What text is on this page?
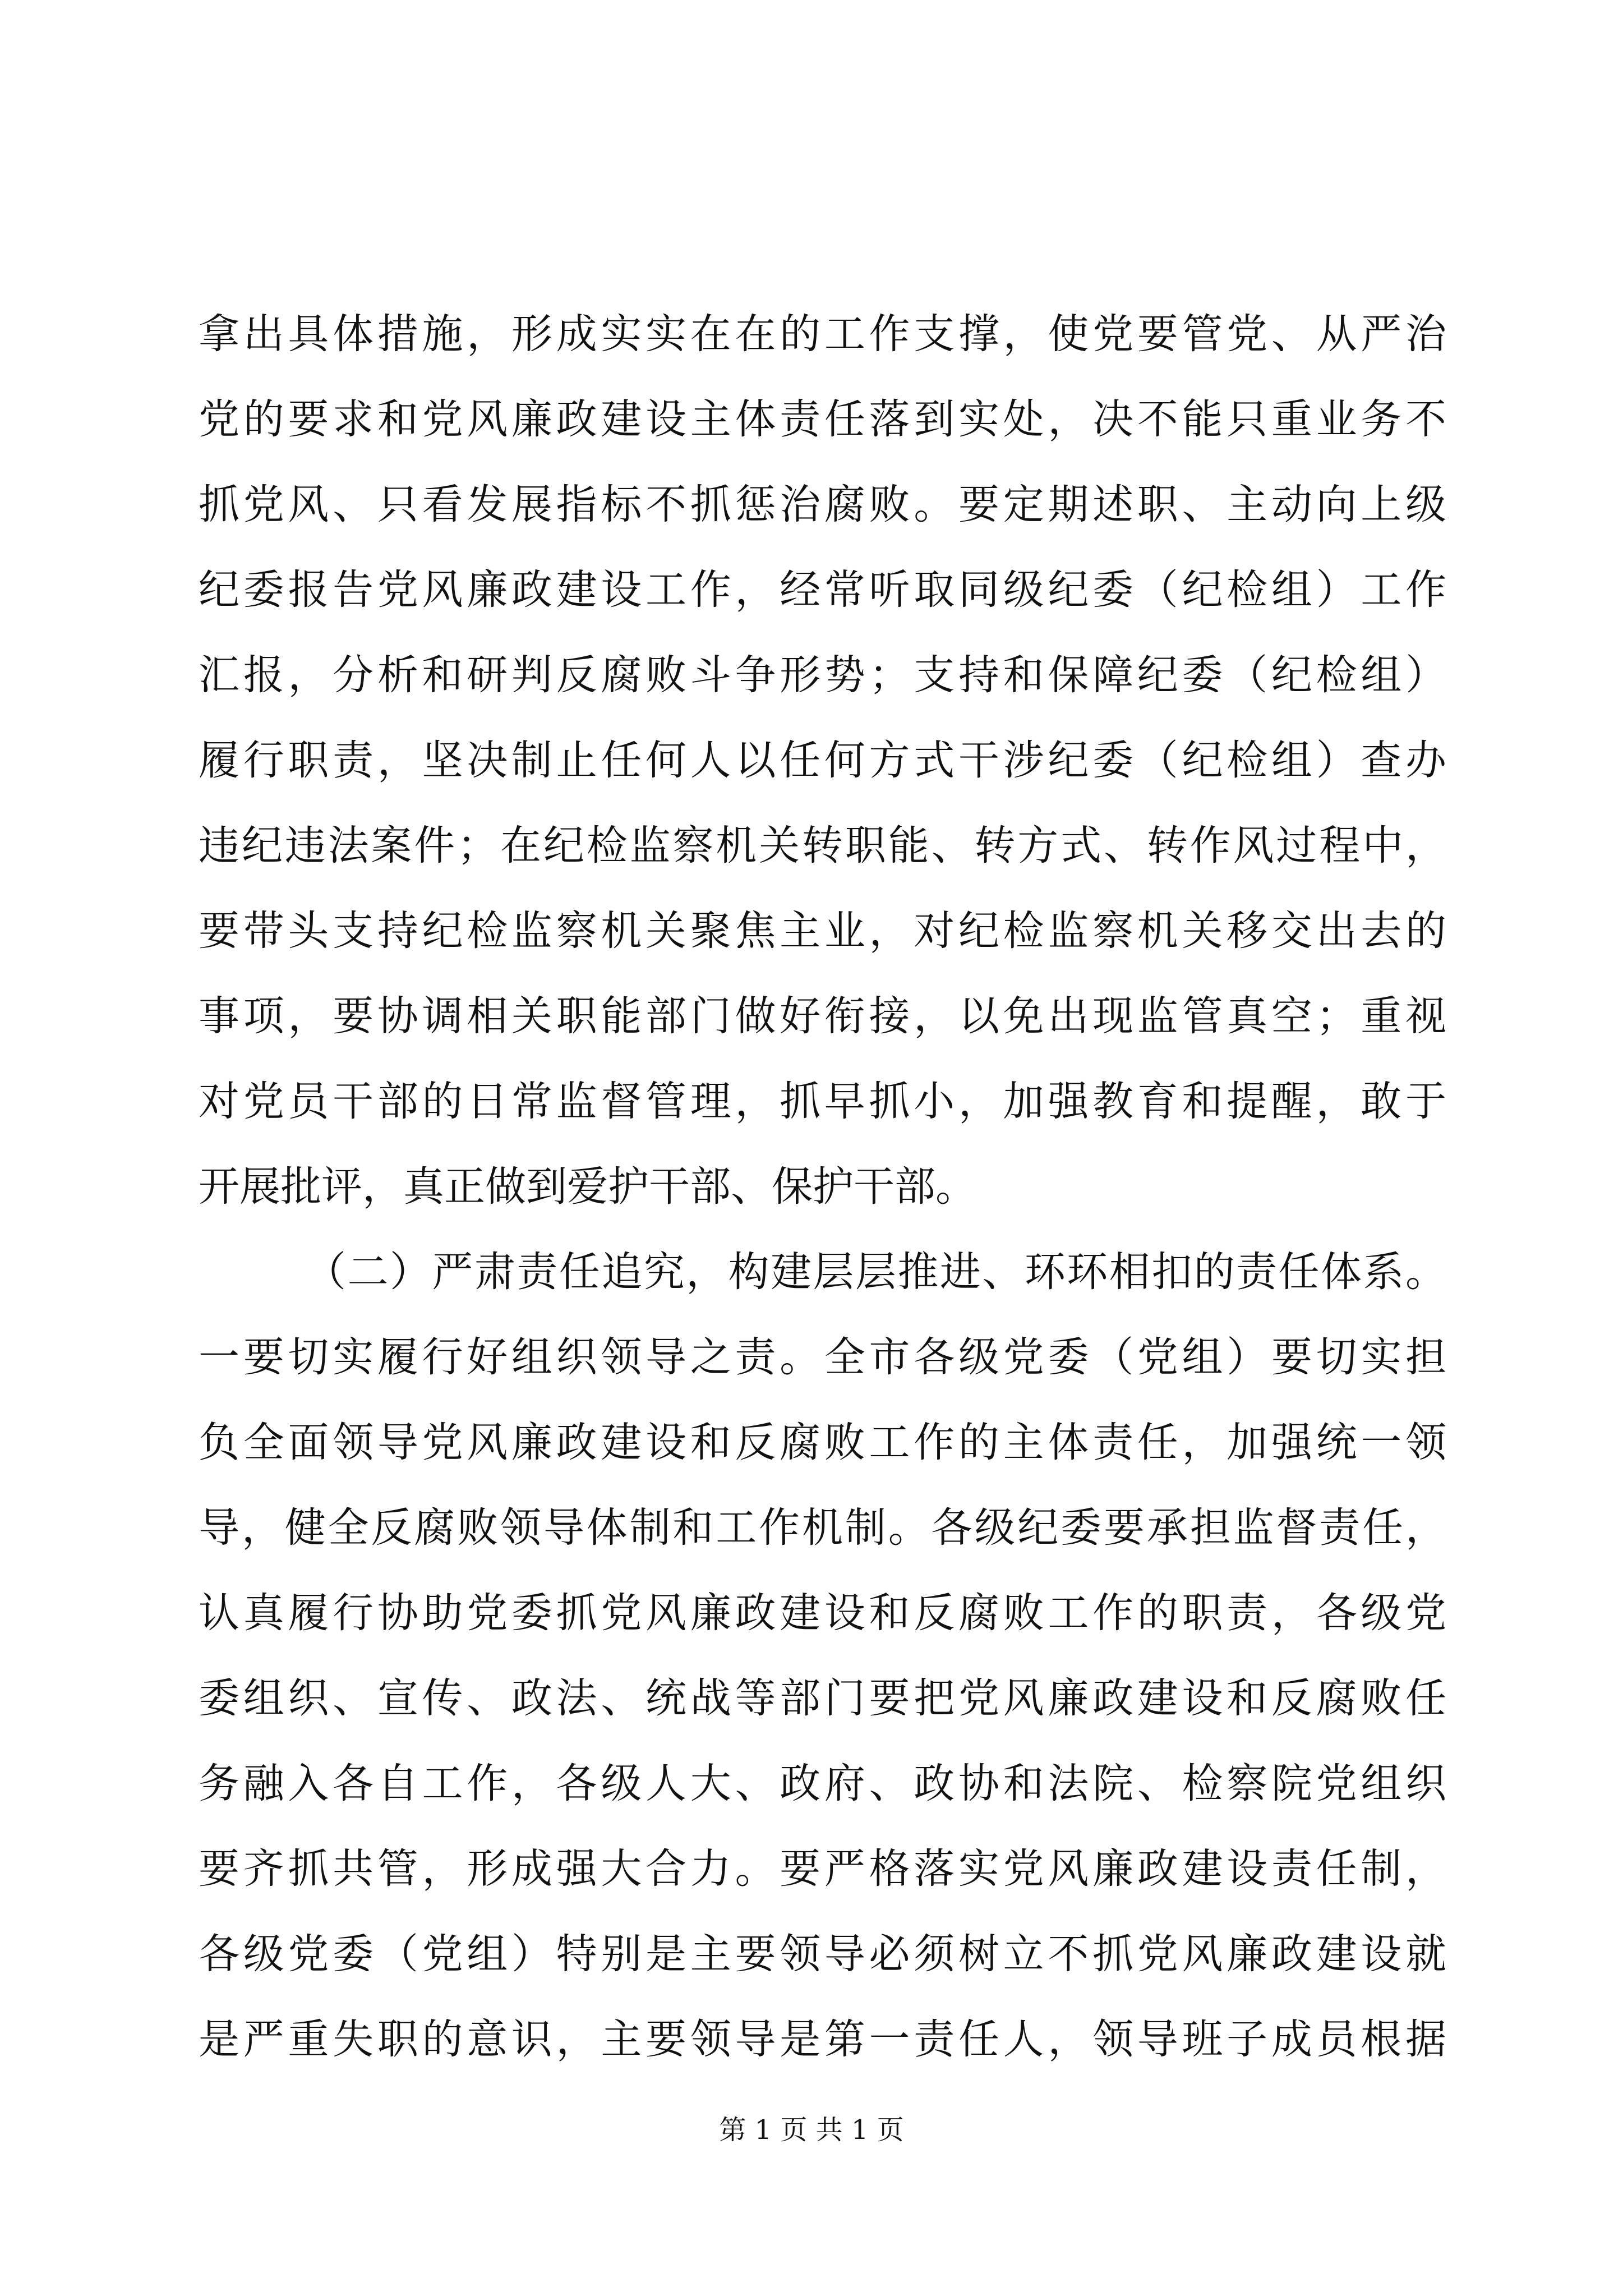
拿出具体措施，形成实实在在的工作支撑，使党要管党、从严治
党的要求和党风廉政建设主体责任落到实处，决不能只重业务不
抓党风、只看发展指标不抓惩治腐败。要定期述职、主动向上级
纪委报告党风廉政建设工作，经常听取同级纪委（纪检组）工作
汇报，分析和研判反腐败斗争形势；支持和保障纪委（纪检组）
履行职责，坚决制止任何人以任何方式干涉纪委（纪检组）查办
违纪违法案件；在纪检监察机关转职能、转方式、转作风过程中，
要带头支持纪检监察机关聚焦主业，对纪检监察机关移交出去的
事项，要协调相关职能部门做好衔接，以免出现监管真空；重视
对党员干部的日常监督管理，抓早抓小，加强教育和提醒，敢于
开展批评，真正做到爱护干部、保护干部。
（二）严肃责任追究，构建层层推进、环环相扣的责任体系。
一要切实履行好组织领导之责。全市各级党委（党组）要切实担
负全面领导党风廉政建设和反腐败工作的主体责任，加强统一领
导，健全反腐败领导体制和工作机制。各级纪委要承担监督责任，
认真履行协助党委抓党风廉政建设和反腐败工作的职责，各级党
委组织、宣传、政法、统战等部门要把党风廉政建设和反腐败任
务融入各自工作，各级人大、政府、政协和法院、检察院党组织
要齐抓共管，形成强大合力。要严格落实党风廉政建设责任制，
各级党委（党组）特别是主要领导必须树立不抓党风廉政建设就
是严重失职的意识，主要领导是第一责任人，领导班子成员根据
第 1 页 共 1 页
